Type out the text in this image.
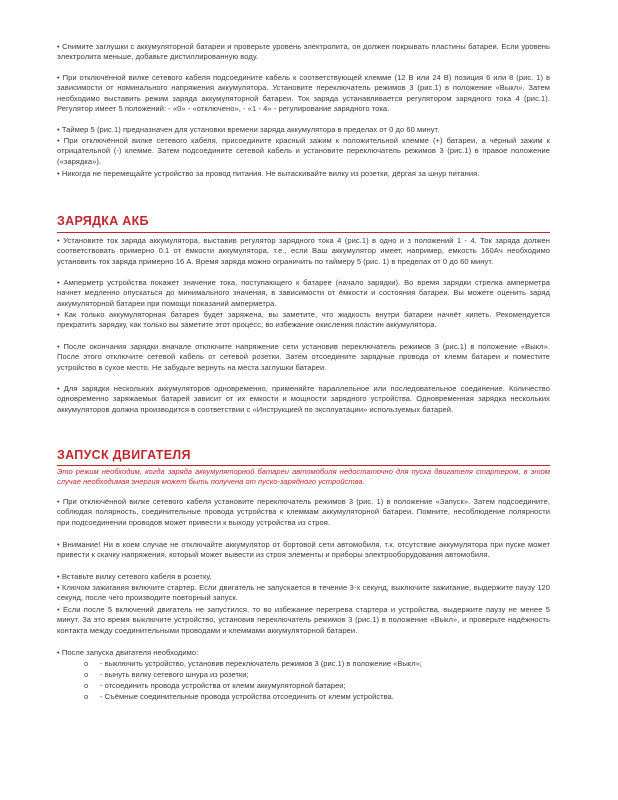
• Снимите заглушки с аккумуляторной батареи и проверьте уровень электролита, он должен покрывать пластины батареи. Если уровень электролита меньше, добавьте дистиллированную воду.

• При отключённой вилке сетевого кабеля подсоедините кабель к соответствующей клемме (12 В или 24 В) позиция 6 или 8 (рис. 1) в зависимости от номинального напряжения аккумулятора. Установите переключатель режимов 3 (рис.1) в положение «Выкл». Затем необходимо выставить режим заряда аккумуляторной батареи. Ток заряда устанавливается регулятором зарядного тока 4 (рис.1). Регулятор имеет 5 положений: - «0» - «отключено», - «1 - 4» - регулирование зарядного тока.

• Таймер 5 (рис.1) предназначен для установки времени заряда аккумулятора в пределах от 0 до 60 минут.

• При отключённой вилке сетевого кабеля, присоедините красный зажим к положительной клемме (+) батареи, а чёрный зажим к отрицательной (-) клемме. Затем подсоедините сетевой кабель и установите переключатель режимов 3 (рис.1) в правое положение («зарядка»).

• Никогда не перемещайте устройство за провод питания. Не вытаскивайте вилку из розетки, дёргая за шнур питания.

ЗАРЯДКА АКБ

• Установите ток заряда аккумулятора, выставив регулятор зарядного тока 4 (рис.1) в одно и з положений 1 - 4. Ток заряда должен соответствовать примерно 0.1 от ёмкости аккумулятора, т.е., если Ваш аккумулятор имеет, например, емкость 160Ач необходимо установить ток заряда примерно 16 А. Время заряда можно ограничить по таймеру 5 (рис. 1) в пределах от 0 до 60 минут.

• Амперметр устройства покажет значение тока, поступающего к батарее (начало зарядки). Во время зарядки стрелка амперметра начнет медленно опускаться до минимального значения, в зависимости от ёмкости и состояния батареи. Вы можете оценить заряд аккумуляторной батареи при помощи показаний амперметра.

• Как только аккумуляторная батарея будет заряжена, вы заметите, что жидкость внутри батареи начнёт кипеть. Рекомендуется прекратить зарядку, как только вы заметите этот процесс, во избежание окисления пластин аккумулятора.

• После окончания зарядки вначале отключите напряжение сети установив переключатель режимов 3 (рис.1) в положение «Выкл». После этого отключите сетевой кабель от сетевой розетки. Затем отсоедините зарядные провода от клемм батареи и поместите устройство в сухое место. Не забудьте вернуть на места заглушки батареи.

• Для зарядки нескольких аккумуляторов одновременно, применяйте параллельное или последовательное соединение. Количество одновременно заряжаемых батарей зависит от их емкости и мощности зарядного устройства. Одновременная зарядка нескольких аккумуляторов должна производится в соответствии с «Инструкцией по эксплуатации» используемых батарей.

ЗАПУСК ДВИГАТЕЛЯ

Это режим необходим, когда заряда аккумуляторной батареи автомобиля недостаточно для пуска двигателя стартером, в этом случае необходимая энергия может быть получена от пуско-зарядного устройства.

• При отключённой вилке сетевого кабеля установите переключатель режимов 3 (рис. 1) в положение «Запуск». Затем подсоедините, соблюдая полярность, соединительные провода устройства к клеммам аккумуляторной батареи. Помните, несоблюдение полярности при подсоединении проводов может привести к выходу устройства из строя.

• Внимание! Ни в коем случае не отключайте аккумулятор от бортовой сети автомобиля, т.к. отсутствие аккумулятора при пуске может привести к скачку напряжения, который может вывести из строя элементы и приборы электрооборудования автомобиля.

• Вставьте вилку сетевого кабеля в розетку.

• Ключом зажигания включите стартер. Если двигатель не запускается в течение 3-х секунд, выключите зажигание, выдержите паузу 120 секунд, после чего производите повторный запуск.

• Если после 5 включений двигатель не запустился, то во избежание перегрева стартера и устройства, выдержите паузу не менее 5 минут. За это время выключите устройство, установив переключатель режимов 3 (рис.1) в положение «Выкл», и проверьте надёжность контакта между соединительными проводами и клеммами аккумуляторной батареи.

• После запуска двигателя необходимо:

o - выключить устройство, установив переключатель режимов 3 (рис.1) в положение «Выкл»;

o - вынуть вилку сетевого шнура из розетки;

o - отсоединить провода устройства от клемм аккумуляторной батареи;

o - Съёмные соединительные провода устройства отсоединить от клемм устройства.
